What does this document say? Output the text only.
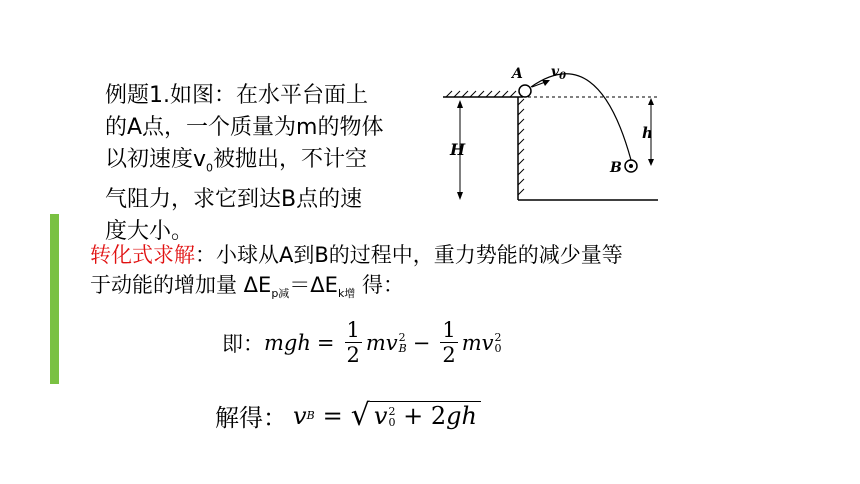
例题1.如图：在水平台面上
的A点，一个质量为m的物体
以初速度$v_0$被抛出，不计空
气阻力，求它到达B点的速
度大小。
H
A $v_0$
B
h
转化式求解：小球从A到B的过程中，重力势能的减少量等
于动能的增加量 $\Delta E_{p减}=\Delta E_{k增}$ 得：
即： mgh = $\frac{1}{2}$ mv 2
$B - \frac{1}{2}$ mv 2
0
解得： v B = √ v 2
0 + 2gh
